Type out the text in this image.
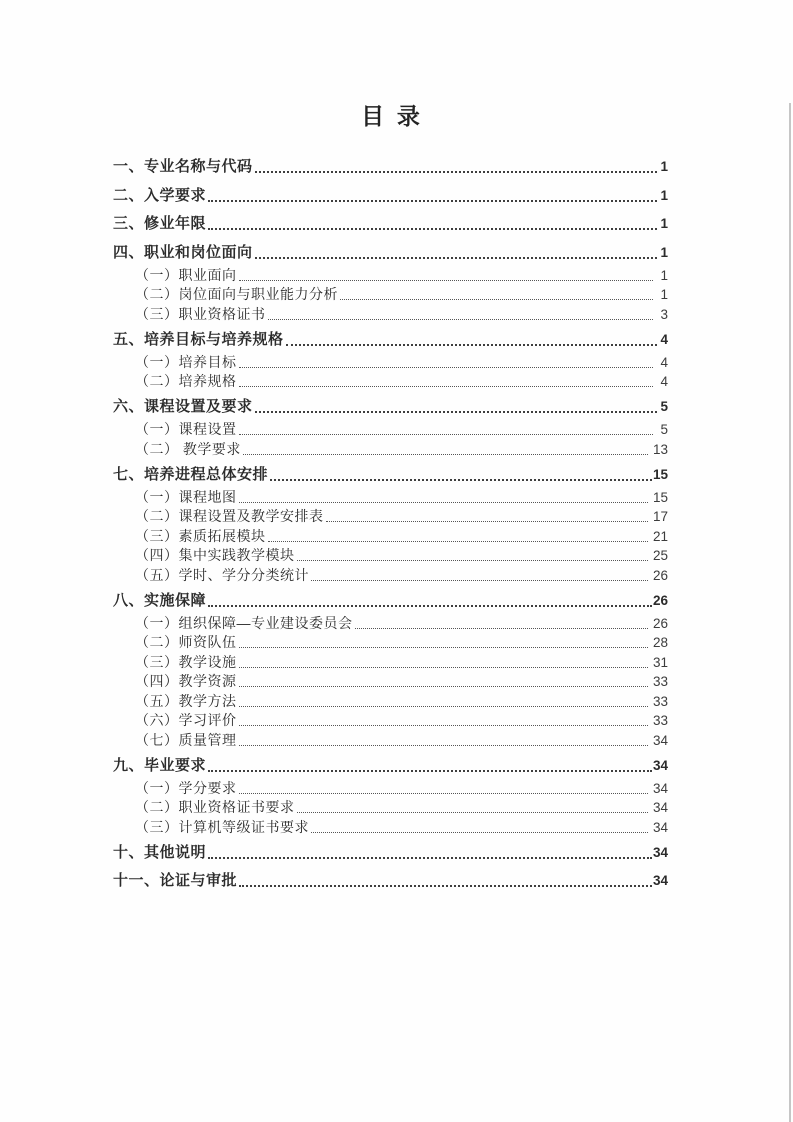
目  录
一、专业名称与代码	1
二、入学要求	1
三、修业年限	1
四、职业和岗位面向	1
（一）职业面向	1
（二）岗位面向与职业能力分析	1
（三）职业资格证书	3
五、培养目标与培养规格	4
（一）培养目标	4
（二）培养规格	4
六、课程设置及要求	5
（一）课程设置	5
（二） 教学要求	13
七、培养进程总体安排	15
（一）课程地图	15
（二）课程设置及教学安排表	17
（三）素质拓展模块	21
（四）集中实践教学模块	25
（五）学时、学分分类统计	26
八、实施保障	26
（一）组织保障—专业建设委员会	26
（二）师资队伍	28
（三）教学设施	31
（四）教学资源	33
（五）教学方法	33
（六）学习评价	33
（七）质量管理	34
九、毕业要求	34
（一）学分要求	34
（二）职业资格证书要求	34
（三）计算机等级证书要求	34
十、其他说明	34
十一、论证与审批	34
